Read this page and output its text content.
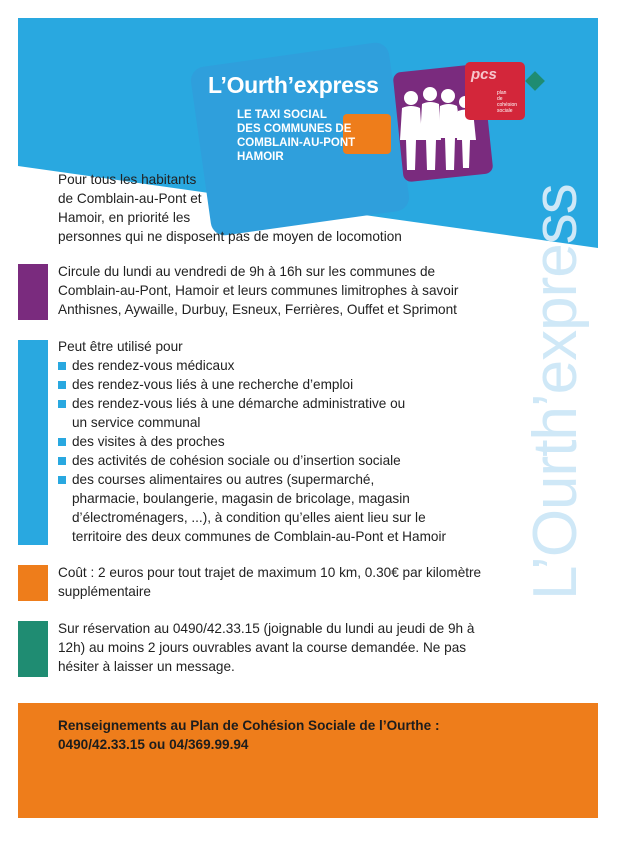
L’Ourth’express
LE TAXI SOCIAL
DES COMMUNES DE
COMBLAIN-AU-PONT
HAMOIR
pcs
plan
de
cohésion
sociale
L’Ourth’express
Pour tous les habitants
de Comblain-au-Pont et
Hamoir, en priorité les
personnes qui ne disposent pas de moyen de locomotion
Circule du lundi au vendredi de 9h à 16h sur les communes de
Comblain-au-Pont, Hamoir et leurs communes limitrophes à savoir
Anthisnes, Aywaille, Durbuy, Esneux, Ferrières, Ouffet et Sprimont
Peut être utilisé pour
des rendez-vous médicaux
des rendez-vous liés à une recherche d’emploi
des rendez-vous liés à une démarche administrative ou
un service communal
des visites à des proches
des activités de cohésion sociale ou d’insertion sociale
des courses alimentaires ou autres (supermarché,
pharmacie, boulangerie, magasin de bricolage, magasin
d’électroménagers, ...), à condition qu’elles aient lieu sur le
territoire des deux communes de Comblain-au-Pont et Hamoir
Coût : 2 euros pour tout trajet de maximum 10 km, 0.30€ par kilomètre
supplémentaire
Sur réservation au 0490/42.33.15 (joignable du lundi au jeudi de 9h à
12h) au moins 2 jours ouvrables avant la course demandée. Ne pas
hésiter à laisser un message.
Renseignements au Plan de Cohésion Sociale de l’Ourthe :
0490/42.33.15 ou 04/369.99.94
